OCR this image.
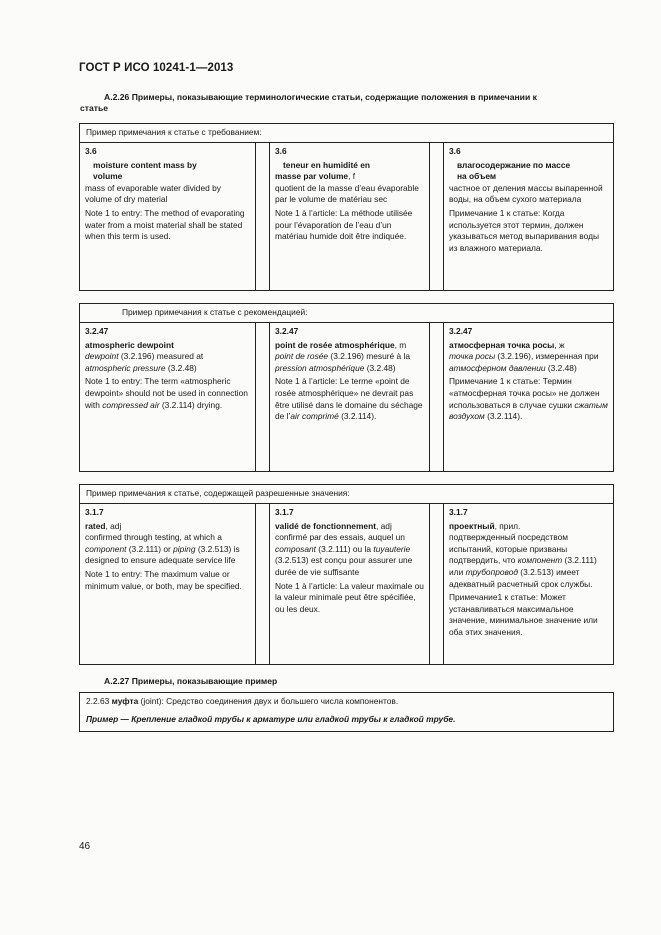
ГОСТ Р ИСО 10241-1—2013
А.2.26 Примеры, показывающие терминологические статьи, содержащие положения в примечании к
статье
Пример примечания к статье с требованием:

3.6

moisture content mass by

volume

mass of evaporable water divided by volume of dry material

Note 1 to entry: The method of evaporating water from a moist material shall be stated when this term is used.

3.6

teneur en humidité en

masse par volume, f

quotient de la masse d’eau évaporable par le volume de matériau sec

Note 1 à l’article: La méthode utilisée pour l’évaporation de l’eau d’un matériau humide doit être indiquée.

3.6

влагосодержание по массе

на объем

частное от деления массы выпаренной воды, на объем сухого материала

Примечание 1 к статье: Когда используется этот термин, должен указываться метод выпаривания воды из влажного материала.

Пример примечания к статье с рекомендацией:

3.2.47

atmospheric dewpoint

dewpoint (3.2.196) measured at atmospheric pressure (3.2.48)

Note 1 to entry: The term «atmospheric dewpoint» should not be used in connection with compressed air (3.2.114) drying.

3.2.47

point de rosée atmosphérique, m

point de rosée (3.2.196) mesuré à la pression atmosphérique (3.2.48)

Note 1 à l’article: Le terme «point de rosée atmosphérique» ne devrait pas être utilisé dans le domaine du séchage de l’air comprimé (3.2.114).

3.2.47

атмосферная точка росы, ж

точка росы (3.2.196), измеренная при атмосферном давлении (3.2.48)

Примечание 1 к статье: Термин «атмосферная точка росы» не должен использоваться в случае сушки сжатым воздухом (3.2.114).

Пример примечания к статье, содержащей разрешенные значения:

3.1.7

rated, adj

confirmed through testing, at which a component (3.2.111) or piping (3.2.513) is designed to ensure adequate service life

Note 1 to entry: The maximum value or minimum value, or both, may be specified.

3.1.7

validé de fonctionnement, adj

confirmé par des essais, auquel un composant (3.2.111) ou la tuyauterie (3.2.513) est conçu pour assurer une durée de vie suffisante

Note 1 à l’article: La valeur maximale ou la valeur minimale peut être spécifiée, ou les deux.

3.1.7

проектный, прил.

подтвержденный посредством испытаний, которые призваны подтвердить, что компонент (3.2.111) или трубопровод (3.2.513) имеет адекватный расчетный срок службы.

Примечание1 к статье: Может устанавливаться максимальное значение, минимальное значение или оба этих значения.

А.2.27 Примеры, показывающие пример

2.2.63 муфта (joint): Средство соединения двух и большего числа компонентов.

Пример — Крепление гладкой трубы к арматуре или гладкой трубы к гладкой трубе.

46
